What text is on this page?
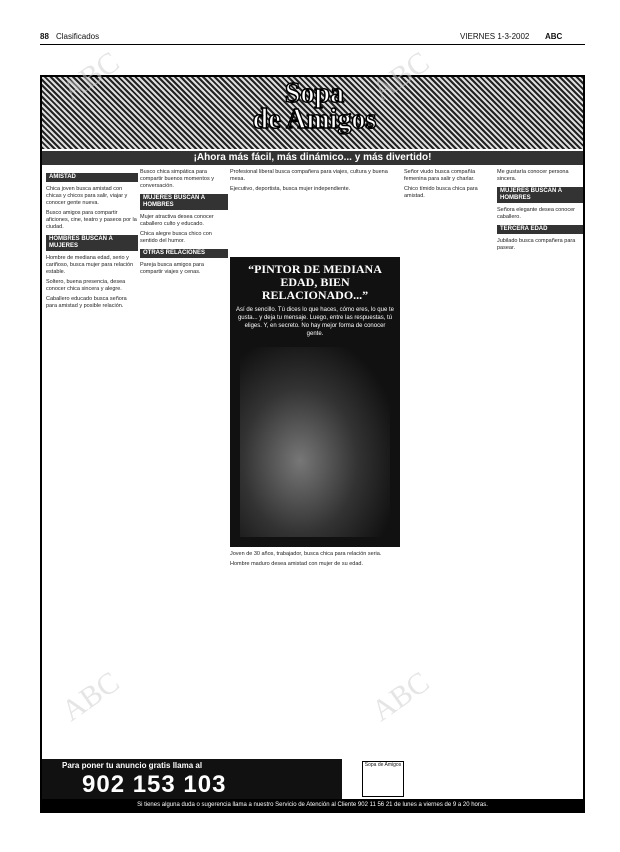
88 Clasificados	VIERNES 1-3-2002 ABC
Sopa
de Amigos
¡Ahora más fácil, más dinámico... y más divertido!
AMISTAD

Chica joven busca amistad con chicas y chicos para salir, viajar y conocer gente nueva.

Busco amigos para compartir aficiones, cine, teatro y paseos por la ciudad.

HOMBRES BUSCAN A MUJERES

Hombre de mediana edad, serio y cariñoso, busca mujer para relación estable.

Soltero, buena presencia, desea conocer chica sincera y alegre.

Caballero educado busca señora para amistad y posible relación.

Busco chica simpática para compartir buenos momentos y conversación.

MUJERES BUSCAN A HOMBRES

Mujer atractiva desea conocer caballero culto y educado.

Chica alegre busca chico con sentido del humor.

OTRAS RELACIONES

Pareja busca amigos para compartir viajes y cenas.

Profesional liberal busca compañera para viajes, cultura y buena mesa.

Ejecutivo, deportista, busca mujer independiente.

“PINTOR DE MEDIANA EDAD, BIEN RELACIONADO...”

Así de sencillo. Tú dices lo que haces, cómo eres, lo que te gusta... y deja tu mensaje. Luego, entre las respuestas, tú eliges. Y, en secreto. No hay mejor forma de conocer gente.

Joven de 30 años, trabajador, busca chica para relación seria.

Hombre maduro desea amistad con mujer de su edad.

Señor viudo busca compañía femenina para salir y charlar.

Chico tímido busca chica para amistad.

Me gustaría conocer persona sincera.

MUJERES BUSCAN A HOMBRES

Señora elegante desea conocer caballero.

TERCERA EDAD

Jubilado busca compañera para pasear.

Para poner tu anuncio gratis llama al
902 153 103
Sopa de Amigos
Si tienes alguna duda o sugerencia llama a nuestro Servicio de Atención al Cliente 902 11 56 21 de lunes a viernes de 9 a 20 horas.
ABC	ABC
ABC	ABC
